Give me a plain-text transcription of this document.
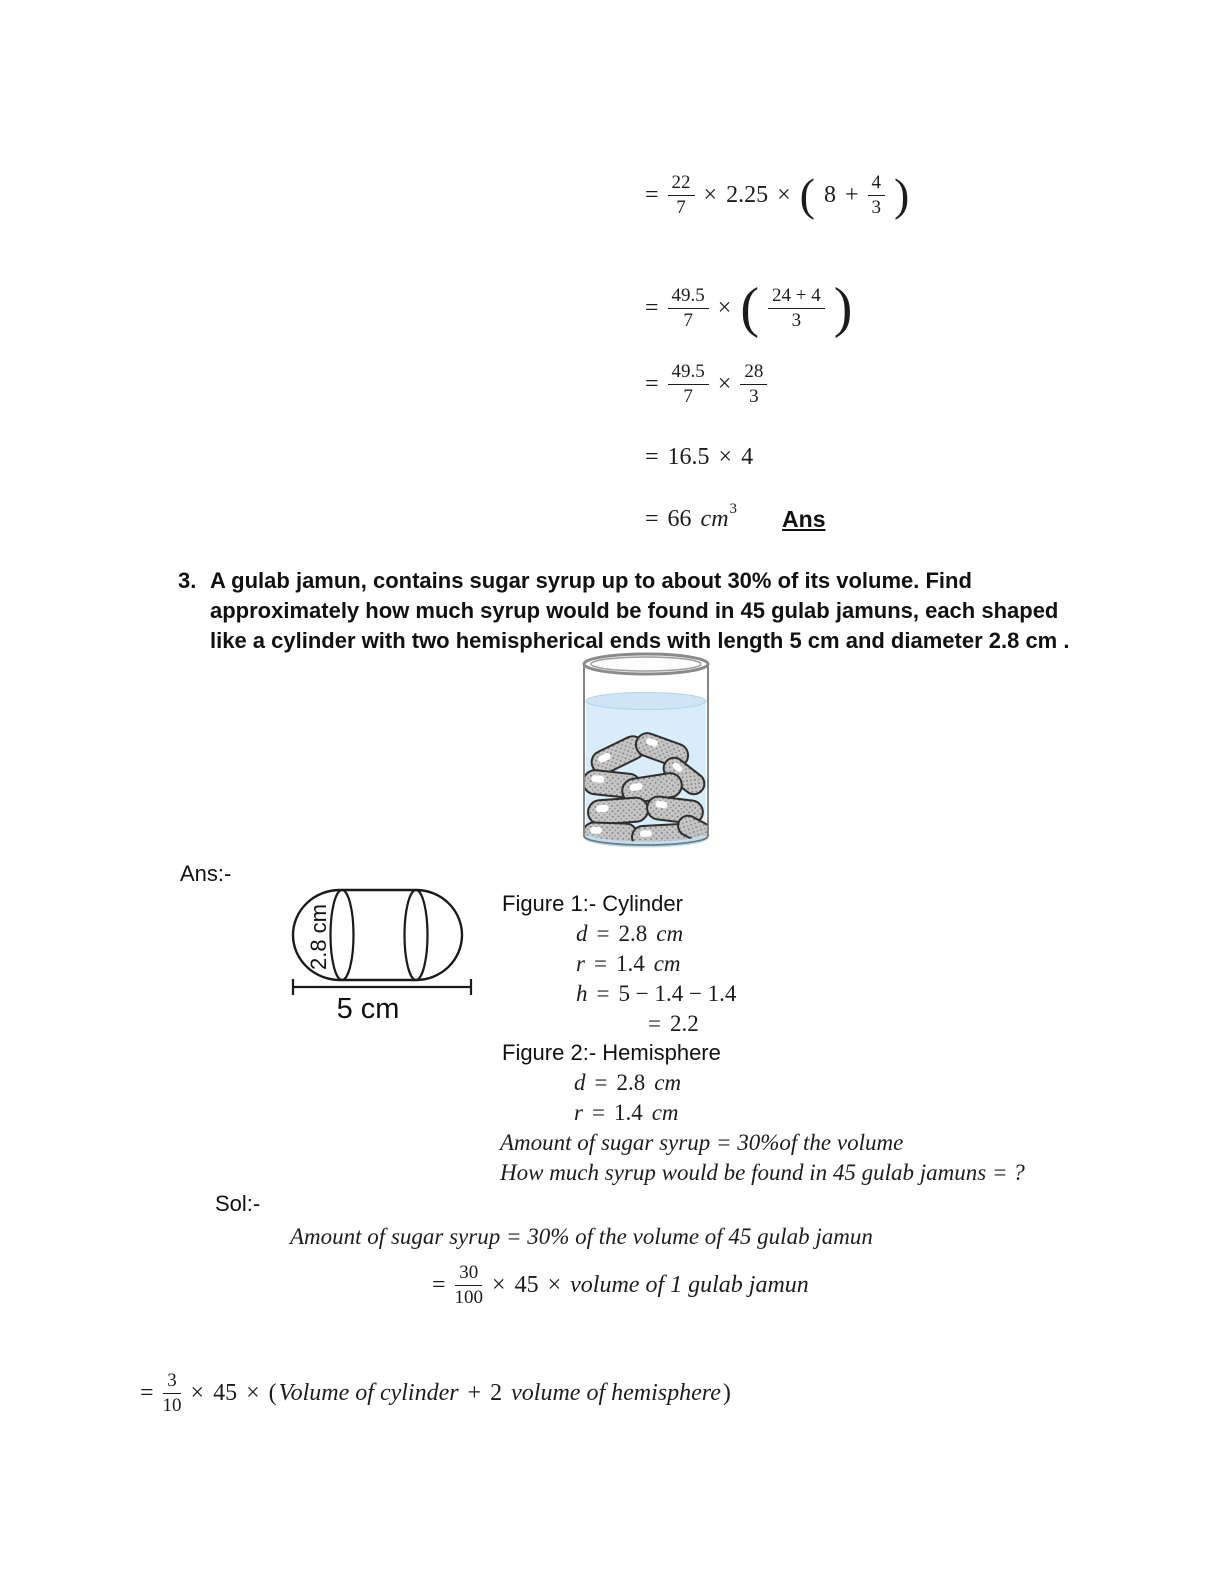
= $\frac{22}{7} \times 2.25$ × ( $8 + \frac{4}{3}$ )
= $\frac{49.5}{7}$ × ( $\frac{24 + 4}{3}$ )
= $\frac{49.5}{7} \times \frac{28}{3}$
= 16.5 × 4
= 66 $cm^3$ Ans
3. A gulab jamun, contains sugar syrup up to about 30% of its volume. Find
approximately how much syrup would be found in 45 gulab jamuns, each shaped
like a cylinder with two hemispherical ends with length 5 cm and diameter 2.8 cm .
Ans:-
2.8 cm
5 cm
Figure 1:- Cylinder
d = 2.8 cm
r = 1.4 cm
h = 5 − 1.4 − 1.4
= 2.2
Figure 2:- Hemisphere
d = 2.8 cm
r = 1.4 cm
Amount of sugar syrup = 30%of the volume
How much syrup would be found in 45 gulab jamuns = ?
Sol:-
Amount of sugar syrup = 30% of the volume of 45 gulab jamun
= $\frac{30}{100} \times 45$ × volume of 1 gulab jamun
= $\frac{3}{10} \times 45$ × ( Volume of cylinder + 2 volume of hemisphere )
